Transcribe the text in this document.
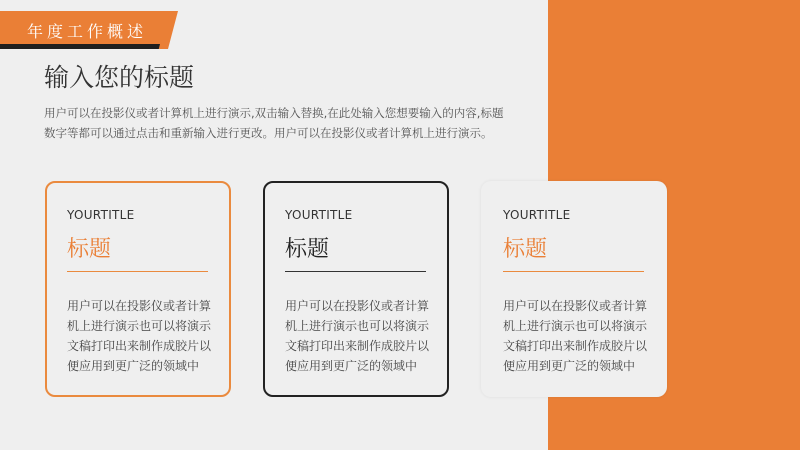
年度工作概述
输入您的标题
用户可以在投影仪或者计算机上进行演示,双击输入替换,在此处输入您想要输入的内容,标题数字等都可以通过点击和重新输入进行更改。用户可以在投影仪或者计算机上进行演示。
YOURTITLE
标题
用户可以在投影仪或者计算机上进行演示也可以将演示文稿打印出来制作成胶片以便应用到更广泛的领域中
YOURTITLE
标题
用户可以在投影仪或者计算机上进行演示也可以将演示文稿打印出来制作成胶片以便应用到更广泛的领域中
YOURTITLE
标题
用户可以在投影仪或者计算机上进行演示也可以将演示文稿打印出来制作成胶片以便应用到更广泛的领域中
